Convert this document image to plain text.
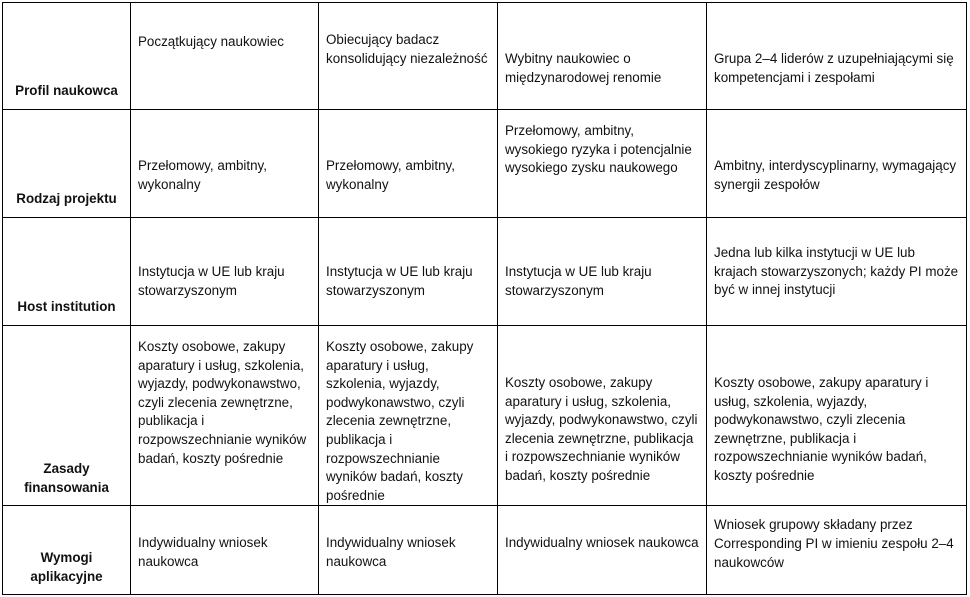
Profil naukowca	Początkujący naukowiec	Obiecujący badacz konsolidujący niezależność	Wybitny naukowiec o międzynarodowej renomie	Grupa 2–4 liderów z uzupełniającymi się kompetencjami i zespołami
Rodzaj projektu	Przełomowy, ambitny, wykonalny	Przełomowy, ambitny, wykonalny	Przełomowy, ambitny, wysokiego ryzyka i potencjalnie wysokiego zysku naukowego	Ambitny, interdyscyplinarny, wymagający synergii zespołów
Host institution	Instytucja w UE lub kraju stowarzyszonym	Instytucja w UE lub kraju stowarzyszonym	Instytucja w UE lub kraju stowarzyszonym	Jedna lub kilka instytucji w UE lub krajach stowarzyszonych; każdy PI może być w innej instytucji
Zasady finansowania	Koszty osobowe, zakupy aparatury i usług, szkolenia, wyjazdy, podwykonawstwo, czyli zlecenia zewnętrzne, publikacja i rozpowszechnianie wyników badań, koszty pośrednie	Koszty osobowe, zakupy aparatury i usług, szkolenia, wyjazdy, podwykonawstwo, czyli zlecenia zewnętrzne, publikacja i rozpowszechnianie wyników badań, koszty pośrednie	Koszty osobowe, zakupy aparatury i usług, szkolenia, wyjazdy, podwykonawstwo, czyli zlecenia zewnętrzne, publikacja i rozpowszechnianie wyników badań, koszty pośrednie	Koszty osobowe, zakupy aparatury i usług, szkolenia, wyjazdy, podwykonawstwo, czyli zlecenia zewnętrzne, publikacja i rozpowszechnianie wyników badań, koszty pośrednie
Wymogi aplikacyjne	Indywidualny wniosek naukowca	Indywidualny wniosek naukowca	Indywidualny wniosek naukowca	Wniosek grupowy składany przez Corresponding PI w imieniu zespołu 2–4 naukowców
